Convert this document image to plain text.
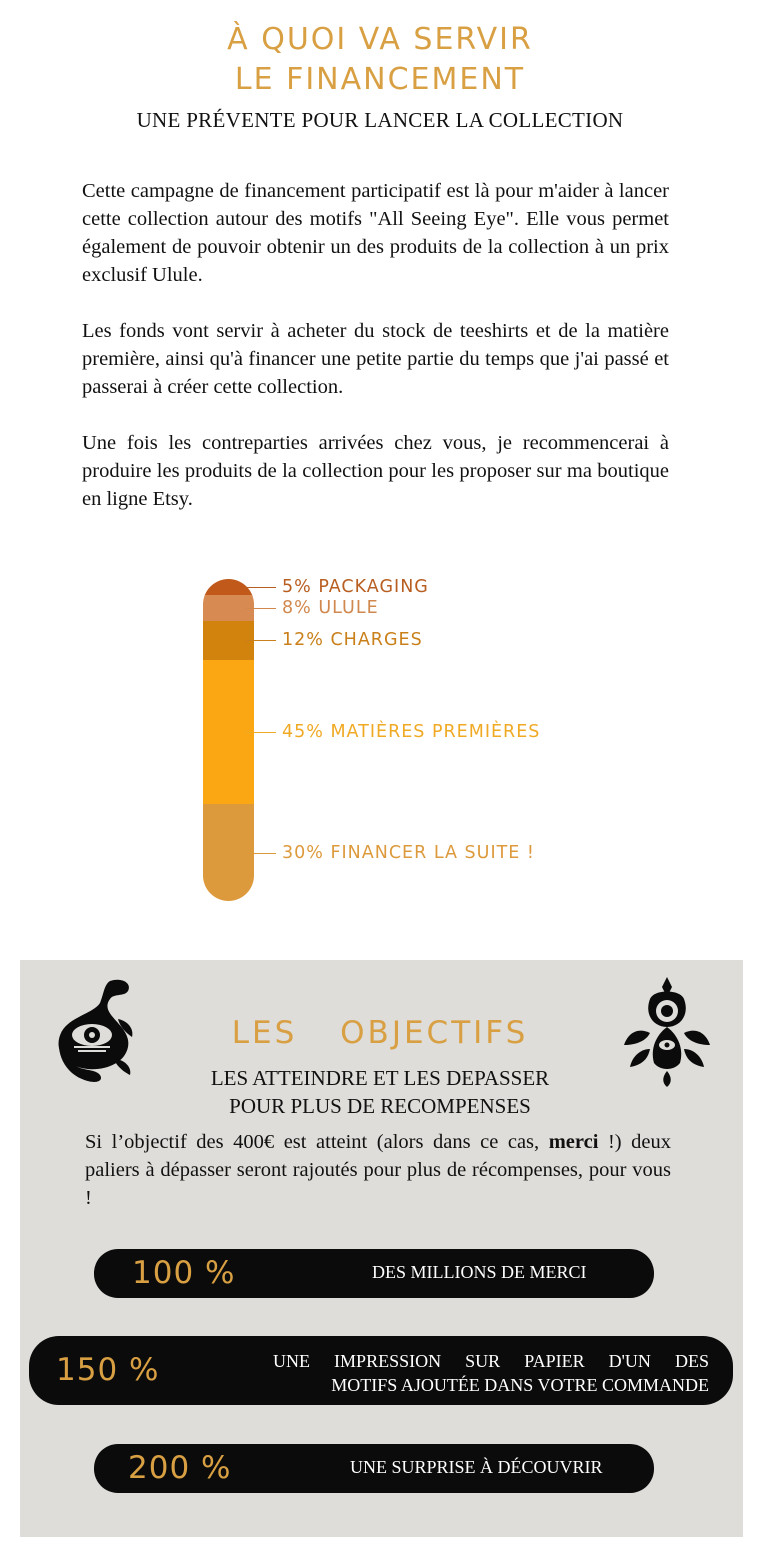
À QUOI VA SERVIR
LE FINANCEMENT
UNE PRÉVENTE POUR LANCER LA COLLECTION

Cette campagne de financement participatif est là pour m'aider à lancer cette collection autour des motifs "All Seeing Eye". Elle vous permet également de pouvoir obtenir un des produits de la collection à un prix exclusif Ulule.

Les fonds vont servir à acheter du stock de teeshirts et de la matière première, ainsi qu'à financer une petite partie du temps que j'ai passé et passerai à créer cette collection.

Une fois les contreparties arrivées chez vous, je recommencerai à produire les produits de la collection pour les proposer sur ma boutique en ligne Etsy.

5% PACKAGING
8% ULULE
12% CHARGES
45% MATIÈRES PREMIÈRES
30% FINANCER LA SUITE !
LES OBJECTIFS
LES ATTEINDRE ET LES DEPASSER
POUR PLUS DE RECOMPENSES

Si l’objectif des 400€ est atteint (alors dans ce cas, merci !) deux paliers à dépasser seront rajoutés pour plus de récompenses, pour vous !

100 %	DES MILLIONS DE MERCI
150 %	UNE IMPRESSION SUR PAPIER D'UN DES
MOTIFS AJOUTÉE DANS VOTRE COMMANDE
200 %	UNE SURPRISE À DÉCOUVRIR
